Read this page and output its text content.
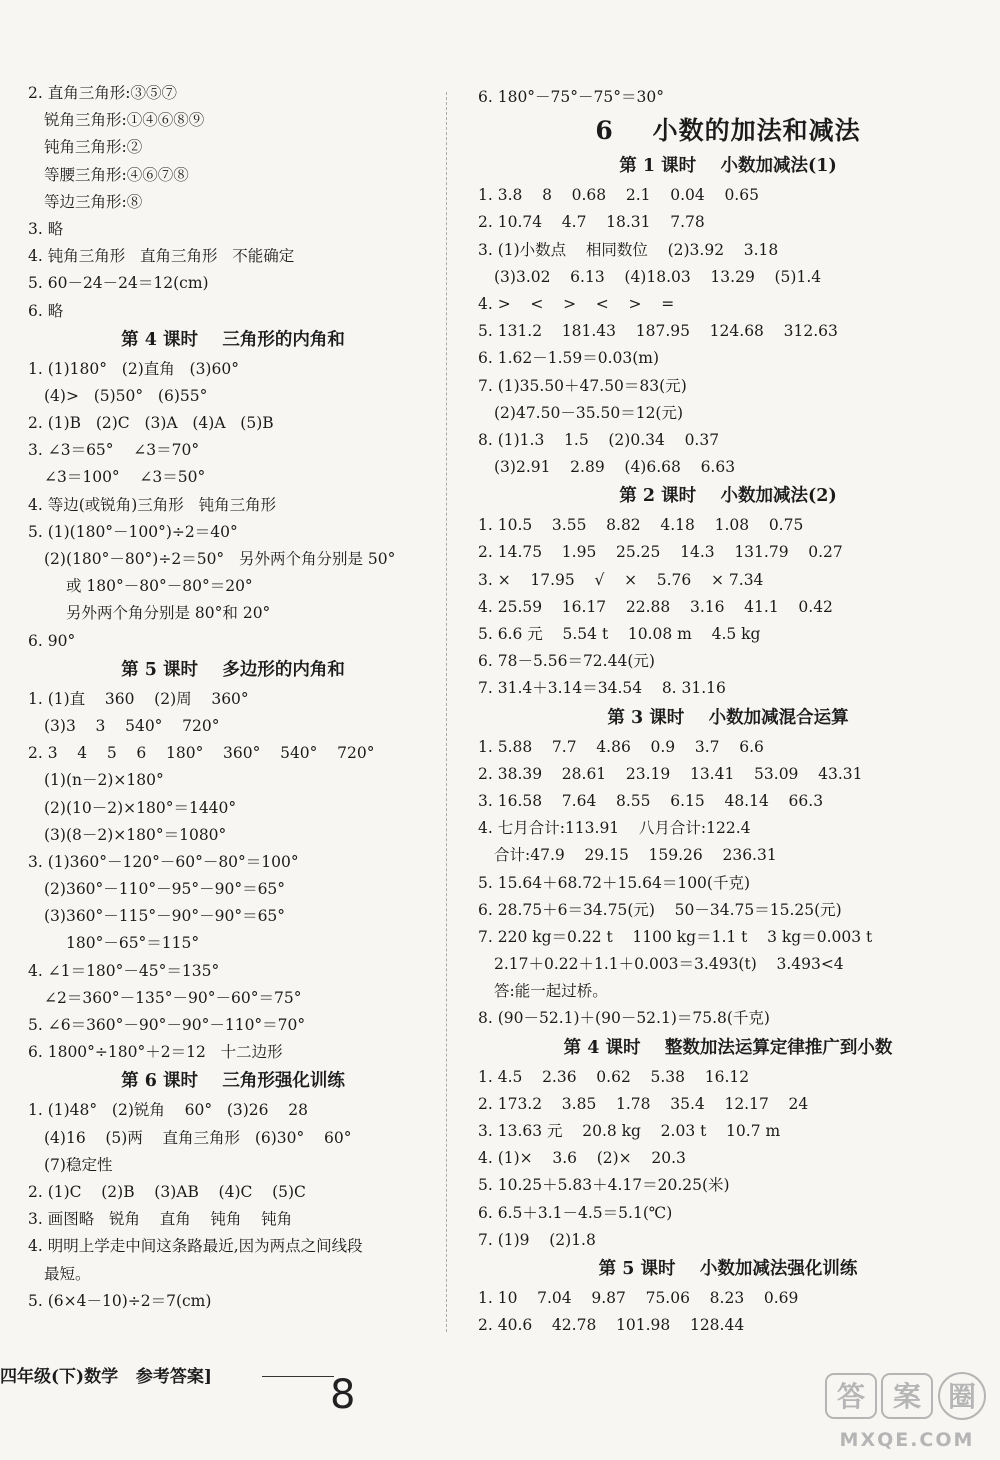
2. 直角三角形:③⑤⑦
锐角三角形:①④⑥⑧⑨
钝角三角形:②
等腰三角形:④⑥⑦⑧
等边三角形:⑧
3. 略
4. 钝角三角形   直角三角形   不能确定
5. 60－24－24＝12(cm)
6. 略
第 4 课时    三角形的内角和
1. (1)180°   (2)直角   (3)60°
(4)>   (5)50°   (6)55°
2. (1)B   (2)C   (3)A   (4)A   (5)B
3. ∠3＝65°    ∠3＝70°
∠3＝100°    ∠3＝50°
4. 等边(或锐角)三角形   钝角三角形
5. (1)(180°－100°)÷2＝40°
(2)(180°－80°)÷2＝50°   另外两个角分别是 50°
或 180°－80°－80°＝20°
另外两个角分别是 80°和 20°
6. 90°
第 5 课时    多边形的内角和
1. (1)直    360    (2)周    360°
(3)3    3    540°    720°
2. 3    4    5    6    180°    360°    540°    720°
(1)(n－2)×180°
(2)(10－2)×180°＝1440°
(3)(8－2)×180°＝1080°
3. (1)360°－120°－60°－80°＝100°
(2)360°－110°－95°－90°＝65°
(3)360°－115°－90°－90°＝65°
180°－65°＝115°
4. ∠1＝180°－45°＝135°
∠2＝360°－135°－90°－60°＝75°
5. ∠6＝360°－90°－90°－110°＝70°
6. 1800°÷180°＋2＝12   十二边形
第 6 课时    三角形强化训练
1. (1)48°   (2)锐角    60°   (3)26    28
(4)16    (5)两    直角三角形   (6)30°    60°
(7)稳定性
2. (1)C    (2)B    (3)AB    (4)C    (5)C
3. 画图略   锐角    直角    钝角    钝角
4. 明明上学走中间这条路最近,因为两点之间线段
最短。
5. (6×4－10)÷2＝7(cm)
6. 180°－75°－75°＝30°
6    小数的加法和减法
第 1 课时    小数加减法(1)
1. 3.8    8    0.68    2.1    0.04    0.65
2. 10.74    4.7    18.31    7.78
3. (1)小数点    相同数位    (2)3.92    3.18
(3)3.02    6.13    (4)18.03    13.29    (5)1.4
4. >    <    >    <    >    =
5. 131.2    181.43    187.95    124.68    312.63
6. 1.62－1.59＝0.03(m)
7. (1)35.50＋47.50＝83(元)
(2)47.50－35.50＝12(元)
8. (1)1.3    1.5    (2)0.34    0.37
(3)2.91    2.89    (4)6.68    6.63
第 2 课时    小数加减法(2)
1. 10.5    3.55    8.82    4.18    1.08    0.75
2. 14.75    1.95    25.25    14.3    131.79    0.27
3. ×    17.95    √    ×    5.76    × 7.34
4. 25.59    16.17    22.88    3.16    41.1    0.42
5. 6.6 元    5.54 t    10.08 m    4.5 kg
6. 78－5.56＝72.44(元)
7. 31.4＋3.14＝34.54    8. 31.16
第 3 课时    小数加减混合运算
1. 5.88    7.7    4.86    0.9    3.7    6.6
2. 38.39    28.61    23.19    13.41    53.09    43.31
3. 16.58    7.64    8.55    6.15    48.14    66.3
4. 七月合计:113.91    八月合计:122.4
合计:47.9    29.15    159.26    236.31
5. 15.64＋68.72＋15.64＝100(千克)
6. 28.75＋6＝34.75(元)    50－34.75＝15.25(元)
7. 220 kg＝0.22 t    1100 kg＝1.1 t    3 kg＝0.003 t
2.17＋0.22＋1.1＋0.003＝3.493(t)    3.493<4
答:能一起过桥。
8. (90－52.1)＋(90－52.1)＝75.8(千克)
第 4 课时    整数加法运算定律推广到小数
1. 4.5    2.36    0.62    5.38    16.12
2. 173.2    3.85    1.78    35.4    12.17    24
3. 13.63 元    20.8 kg    2.03 t    10.7 m
4. (1)×    3.6    (2)×    20.3
5. 10.25＋5.83＋4.17＝20.25(米)
6. 6.5＋3.1－4.5＝5.1(℃)
7. (1)9    (2)1.8
第 5 课时    小数加减法强化训练
1. 10    7.04    9.87    75.06    8.23    0.69
2. 40.6    42.78    101.98    128.44
四年级(下)数学   参考答案]	8	答 案 圈
MXQE.COM
